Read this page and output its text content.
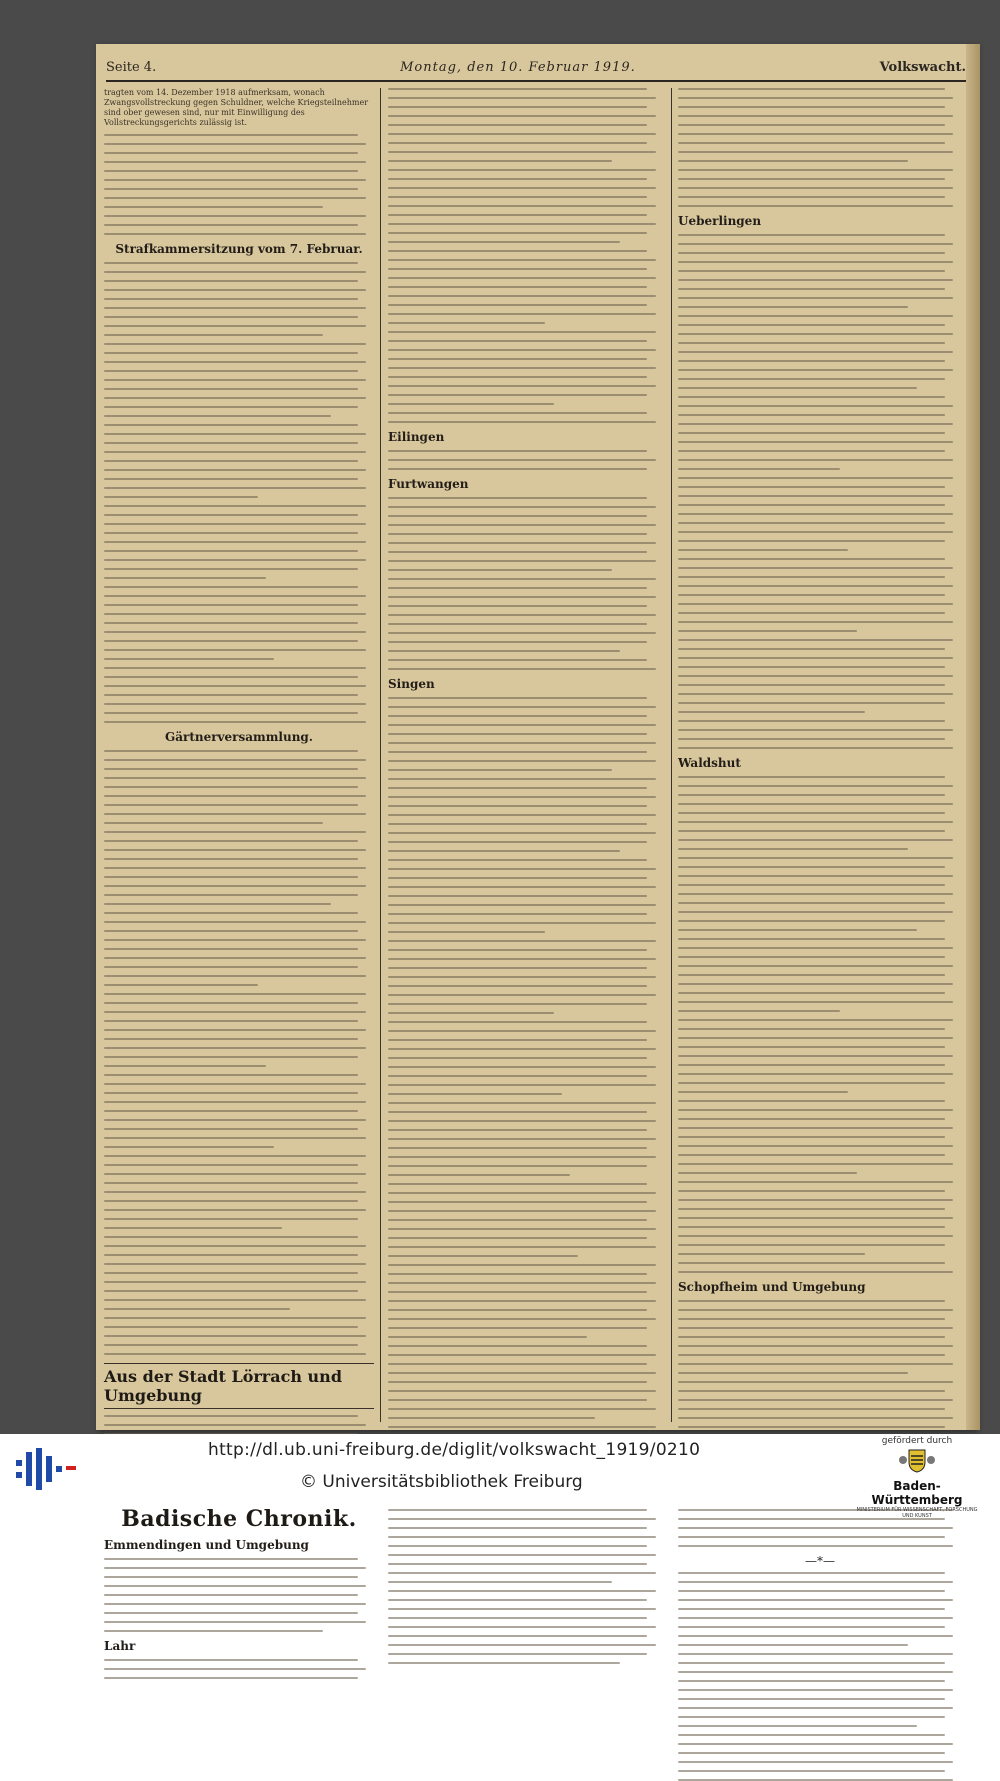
Seite 4.	Montag, den 10. Februar 1919.	Volkswacht.
tragten vom 14. Dezember 1918 aufmerksam, wonach Zwangsvollstreckung gegen Schuldner, welche Kriegsteilnehmer sind ober gewesen sind, nur mit Einwilligung des Vollstreckungsgerichts zulässig ist.
Strafkammersitzung vom 7. Februar.
Gärtnerversammlung.
Aus der Stadt Lörrach und Umgebung
Badische Chronik.
Emmendingen und Umgebung
Lahr
Eilingen
Furtwangen
Singen
Ueberlingen
Waldshut
Schopfheim und Umgebung
—*—
http://dl.ub.uni-freiburg.de/diglit/volkswacht_1919/0210
© Universitätsbibliothek Freiburg
gefördert durch
Baden-Württemberg
MINISTERIUM FÜR WISSENSCHAFT, FORSCHUNG UND KUNST
